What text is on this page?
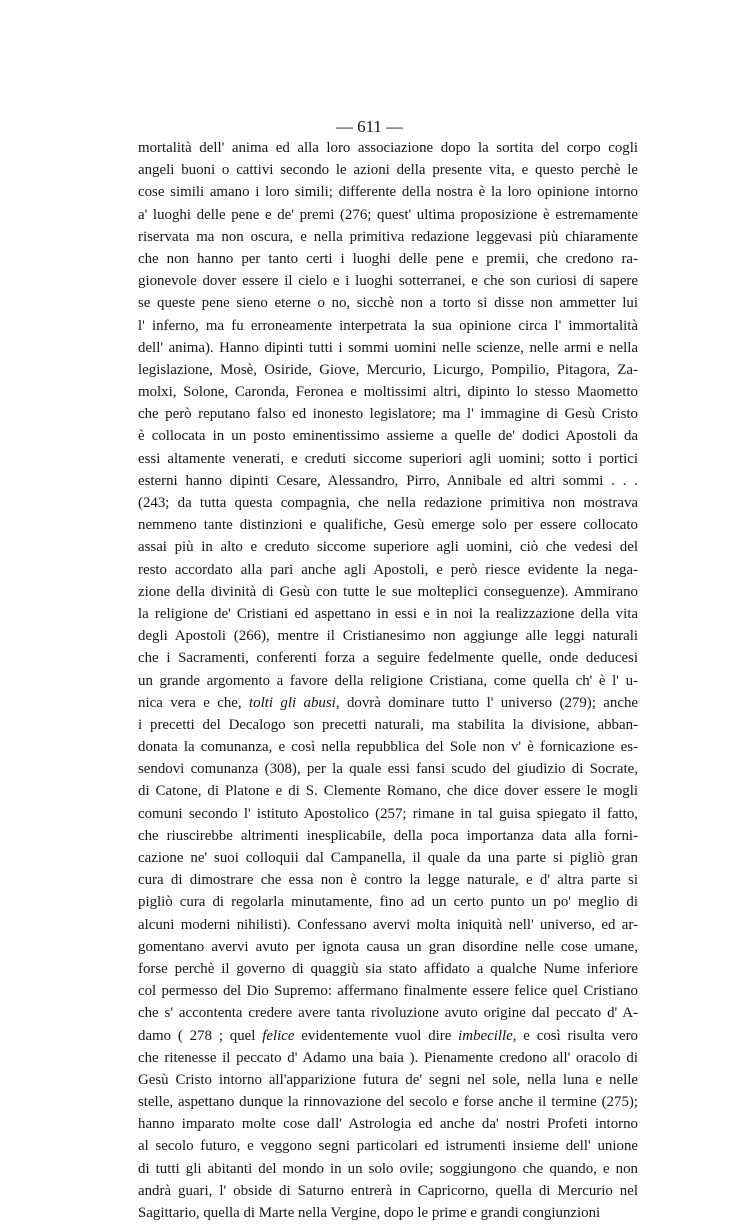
— 611 —
mortalità dell' anima ed alla loro associazione dopo la sortita del corpo cogli
angeli buoni o cattivi secondo le azioni della presente vita, e questo perchè le
cose simili amano i loro simili; differente della nostra è la loro opinione intorno
a' luoghi delle pene e de' premi (276; quest' ultima proposizione è estremamente
riservata ma non oscura, e nella primitiva redazione leggevasi più chiaramente
che non hanno per tanto certi i luoghi delle pene e premii, che credono ra-
gionevole dover essere il cielo e i luoghi sotterranei, e che son curiosi di sapere
se queste pene sieno eterne o no, sicchè non a torto si disse non ammetter lui
l' inferno, ma fu erroneamente interpetrata la sua opinione circa l' immortalità
dell' anima). Hanno dipinti tutti i sommi uomini nelle scienze, nelle armi e nella
legislazione, Mosè, Osiride, Giove, Mercurio, Licurgo, Pompilio, Pitagora, Za-
molxi, Solone, Caronda, Feronea e moltissimi altri, dipinto lo stesso Maometto
che però reputano falso ed inonesto legislatore; ma l' immagine di Gesù Cristo
è collocata in un posto eminentissimo assieme a quelle de' dodici Apostoli da
essi altamente venerati, e creduti siccome superiori agli uomini; sotto i portici
esterni hanno dipinti Cesare, Alessandro, Pirro, Annibale ed altri sommi . . .
(243; da tutta questa compagnia, che nella redazione primitiva non mostrava
nemmeno tante distinzioni e qualifiche, Gesù emerge solo per essere collocato
assai più in alto e creduto siccome superiore agli uomini, ciò che vedesi del
resto accordato alla pari anche agli Apostoli, e però riesce evidente la nega-
zione della divinità di Gesù con tutte le sue molteplici conseguenze). Ammirano
la religione de' Cristiani ed aspettano in essi e in noi la realizzazione della vita
degli Apostoli (266), mentre il Cristianesimo non aggiunge alle leggi naturali
che i Sacramenti, conferenti forza a seguire fedelmente quelle, onde deducesi
un grande argomento a favore della religione Cristiana, come quella ch' è l' u-
nica vera e che, tolti gli abusi, dovrà dominare tutto l' universo (279); anche
i precetti del Decalogo son precetti naturali, ma stabilita la divisione, abban-
donata la comunanza, e così nella repubblica del Sole non v' è fornicazione es-
sendovi comunanza (308), per la quale essi fansi scudo del giudizio di Socrate,
di Catone, di Platone e di S. Clemente Romano, che dice dover essere le mogli
comuni secondo l' istituto Apostolico (257; rimane in tal guisa spiegato il fatto,
che riuscirebbe altrimenti inesplicabile, della poca importanza data alla forni-
cazione ne' suoi colloquii dal Campanella, il quale da una parte si pigliò gran
cura di dimostrare che essa non è contro la legge naturale, e d' altra parte si
pigliò cura di regolarla minutamente, fino ad un certo punto un po' meglio di
alcuni moderni nihilisti). Confessano avervi molta iniquità nell' universo, ed ar-
gomentano avervi avuto per ignota causa un gran disordine nelle cose umane,
forse perchè il governo di quaggiù sia stato affidato a qualche Nume inferiore
col permesso del Dio Supremo: affermano finalmente essere felice quel Cristiano
che s' accontenta credere avere tanta rivoluzione avuto origine dal peccato d' A-
damo ( 278 ; quel felice evidentemente vuol dire imbecille, e così risulta vero
che ritenesse il peccato d' Adamo una baia ). Pienamente credono all' oracolo di
Gesù Cristo intorno all'apparizione futura de' segni nel sole, nella luna e nelle
stelle, aspettano dunque la rinnovazione del secolo e forse anche il termine (275);
hanno imparato molte cose dall' Astrologia ed anche da' nostri Profeti intorno
al secolo futuro, e veggono segni particolari ed istrumenti insieme dell' unione
di tutti gli abitanti del mondo in un solo ovile; soggiungono che quando, e non
andrà guari, l' obside di Saturno entrerà in Capricorno, quella di Mercurio nel
Sagittario, quella di Marte nella Vergine, dopo le prime e grandi congiunzioni
